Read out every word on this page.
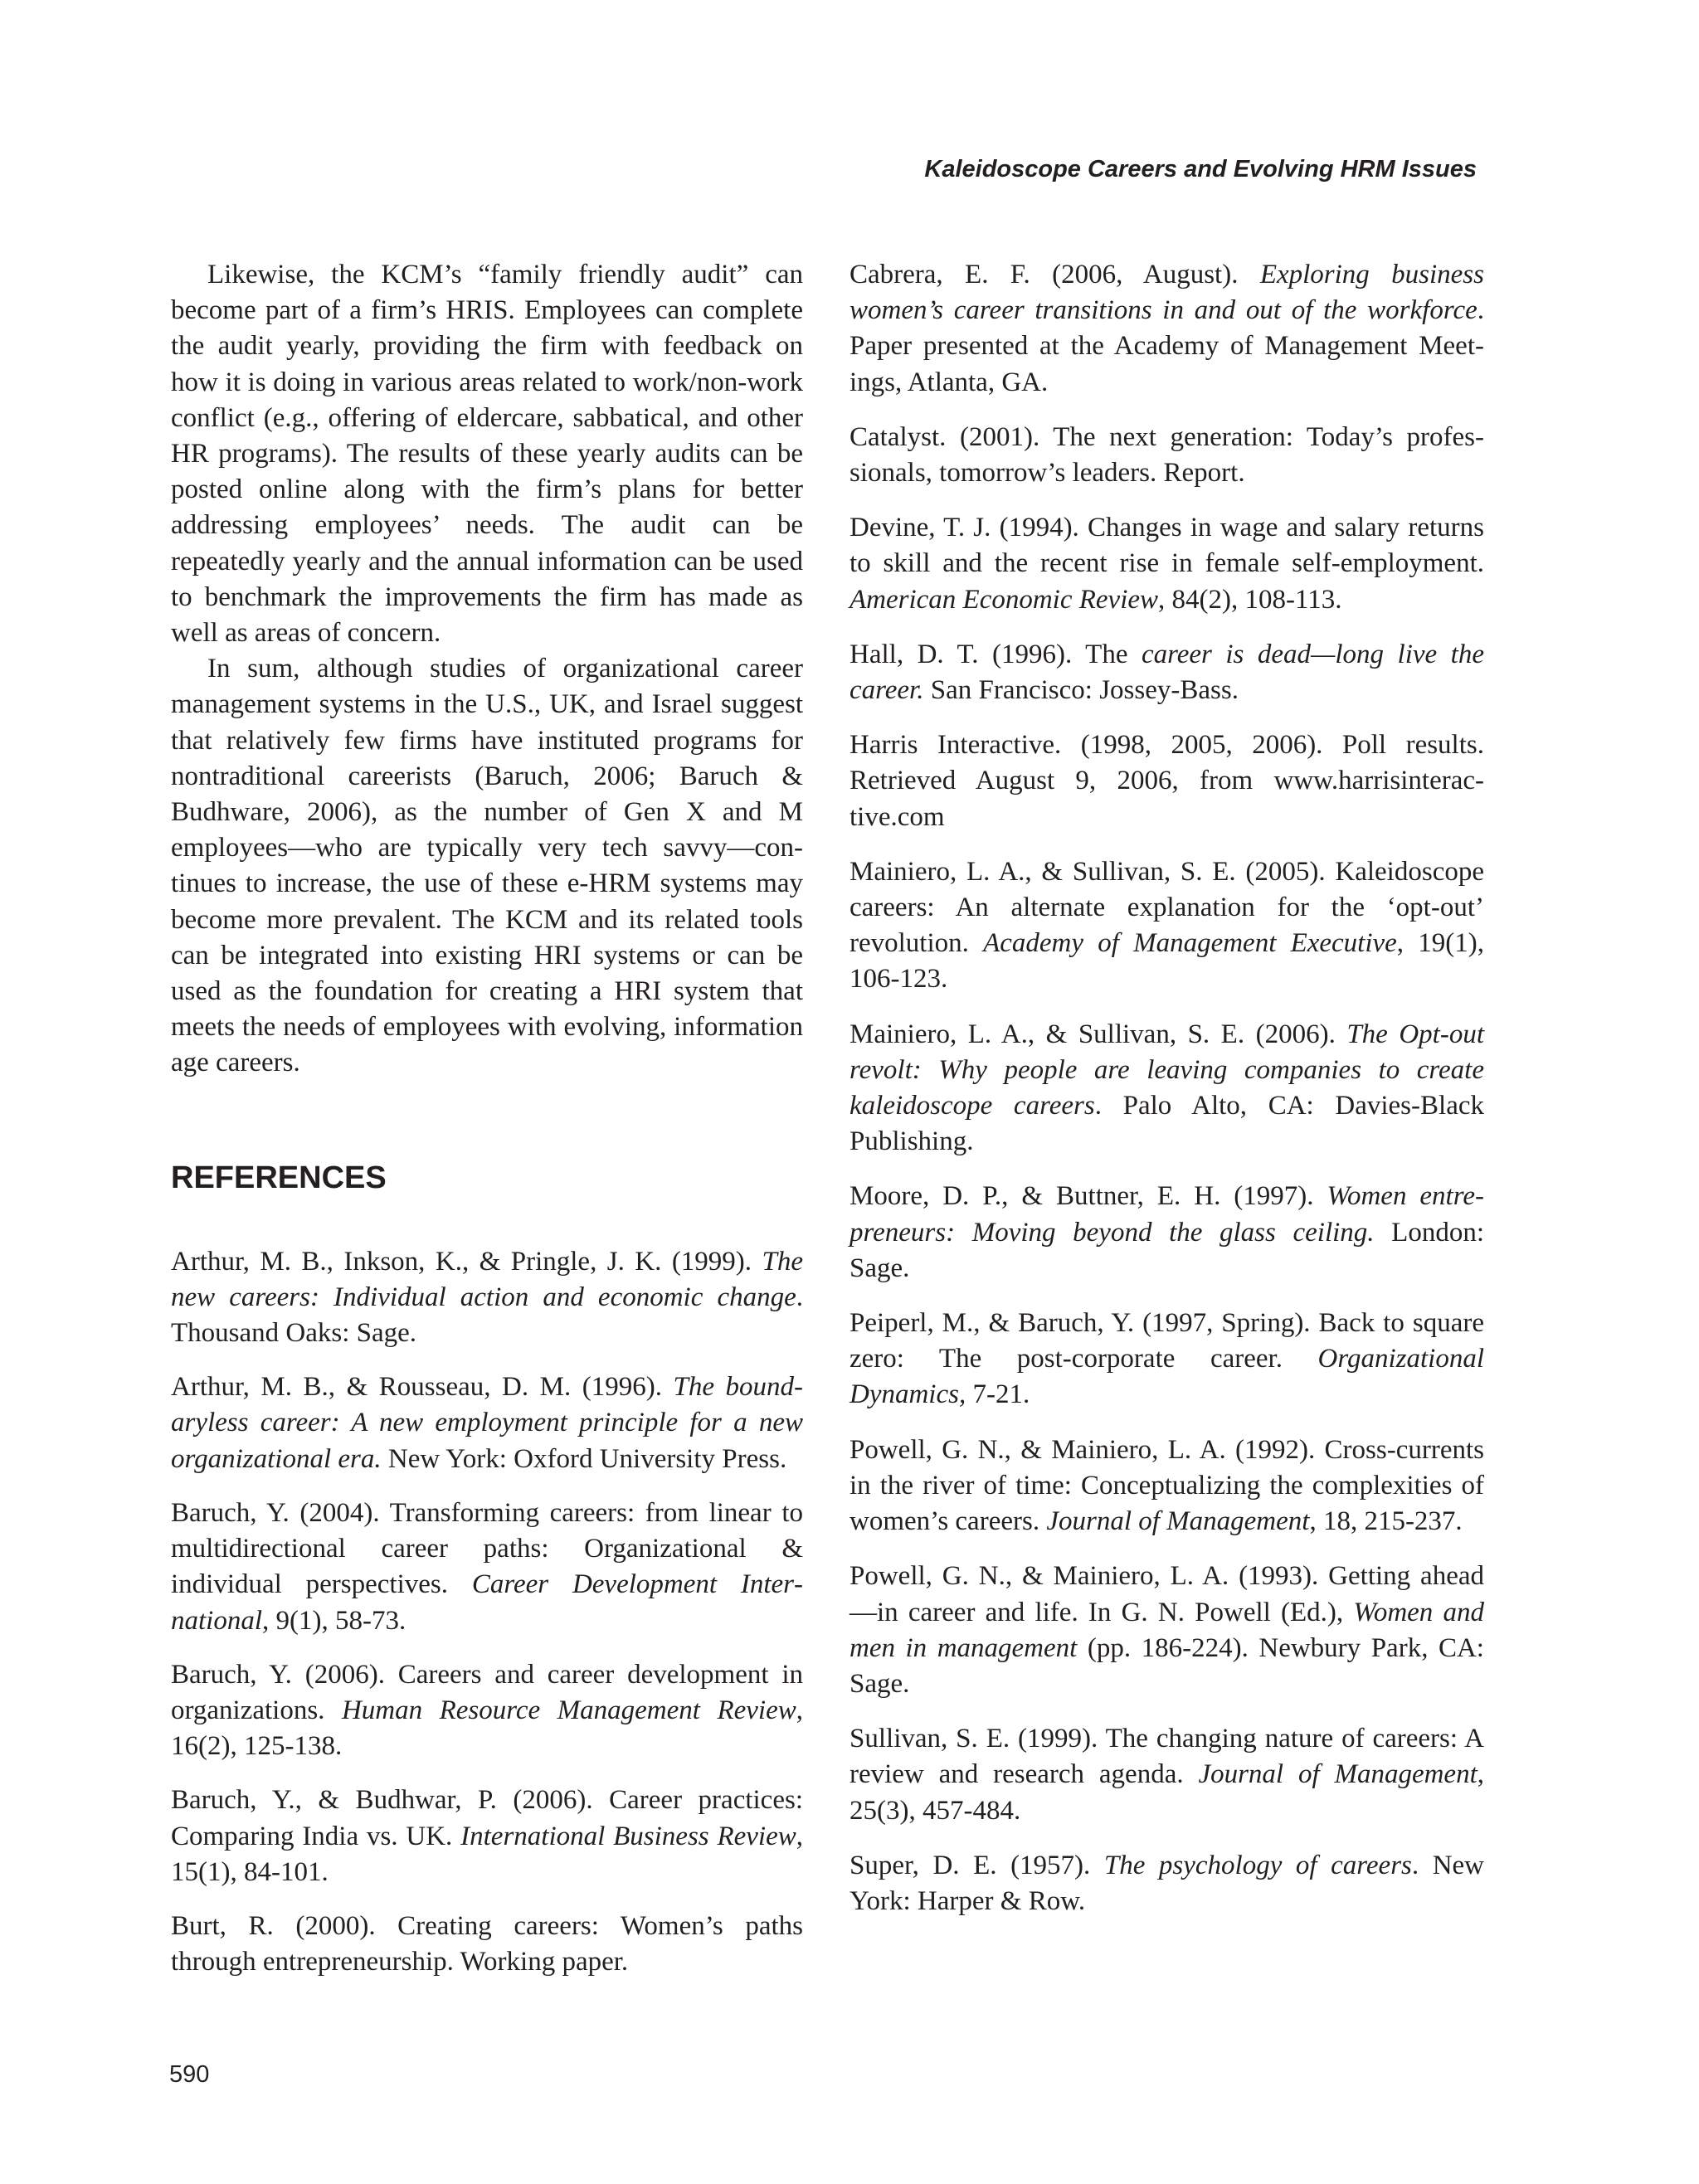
Kaleidoscope Careers and Evolving HRM Issues

Likewise, the KCM’s “family friendly audit” can become part of a firm’s HRIS. Employees can complete the audit yearly, providing the firm with feedback on how it is doing in various areas related to work/non-work conflict (e.g., offering of eldercare, sabbatical, and other HR programs). The results of these yearly audits can be posted online along with the firm’s plans for better addressing employees’ needs. The audit can be repeatedly yearly and the annual information can be used to benchmark the improvements the firm has made as well as areas of concern.

In sum, although studies of organizational career management systems in the U.S., UK, and Israel suggest that relatively few firms have instituted programs for nontraditional careerists (Baruch, 2006; Baruch & Budhware, 2006), as the number of Gen X and M employees—who are typically very tech savvy—continues to increase, the use of these e-HRM systems may become more prevalent. The KCM and its related tools can be integrated into existing HRI systems or can be used as the foundation for creating a HRI system that meets the needs of employees with evolving, information age careers.

REFERENCES

Arthur, M. B., Inkson, K., & Pringle, J. K. (1999). The new careers: Individual action and economic change. Thousand Oaks: Sage.

Arthur, M. B., & Rousseau, D. M. (1996). The boundaryless career: A new employment principle for a new organizational era. New York: Oxford University Press.

Baruch, Y. (2004). Transforming careers: from linear to multidirectional career paths: Organizational & individual perspectives. Career Development International, 9(1), 58-73.

Baruch, Y. (2006). Careers and career development in organizations. Human Resource Management Review, 16(2), 125-138.

Baruch, Y., & Budhwar, P. (2006). Career practices: Comparing India vs. UK. International Business Review, 15(1), 84-101.

Burt, R. (2000). Creating careers: Women’s paths through entrepreneurship. Working paper.

Cabrera, E. F. (2006, August). Exploring business women’s career transitions in and out of the workforce. Paper presented at the Academy of Management Meetings, Atlanta, GA.

Catalyst. (2001). The next generation: Today’s professionals, tomorrow’s leaders. Report.

Devine, T. J. (1994). Changes in wage and salary returns to skill and the recent rise in female self-employment. American Economic Review, 84(2), 108-113.

Hall, D. T. (1996). The career is dead—long live the career. San Francisco: Jossey-Bass.

Harris Interactive. (1998, 2005, 2006). Poll results. Retrieved August 9, 2006, from www.harrisinteractive.com

Mainiero, L. A., & Sullivan, S. E. (2005). Kaleidoscope careers: An alternate explanation for the ‘opt-out’ revolution. Academy of Management Executive, 19(1), 106-123.

Mainiero, L. A., & Sullivan, S. E. (2006). The Opt-out revolt: Why people are leaving companies to create kaleidoscope careers. Palo Alto, CA: Davies-Black Publishing.

Moore, D. P., & Buttner, E. H. (1997). Women entrepreneurs: Moving beyond the glass ceiling. London: Sage.

Peiperl, M., & Baruch, Y. (1997, Spring). Back to square zero: The post-corporate career. Organizational Dynamics, 7-21.

Powell, G. N., & Mainiero, L. A. (1992). Cross-currents in the river of time: Conceptualizing the complexities of women’s careers. Journal of Management, 18, 215-237.

Powell, G. N., & Mainiero, L. A. (1993). Getting ahead—in career and life. In G. N. Powell (Ed.), Women and men in management (pp. 186-224). Newbury Park, CA: Sage.

Sullivan, S. E. (1999). The changing nature of careers: A review and research agenda. Journal of Management, 25(3), 457-484.

Super, D. E. (1957). The psychology of careers. New York: Harper & Row.

590
